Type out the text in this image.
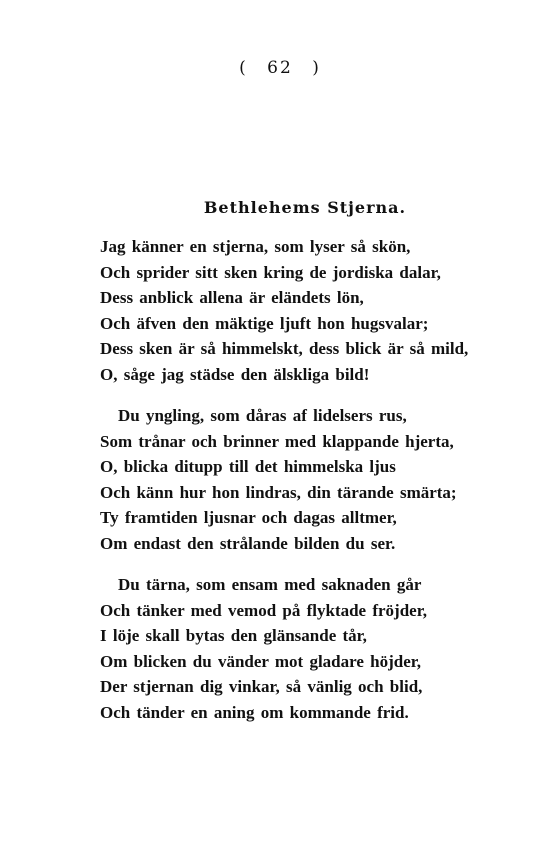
( 62 )
Bethlehems Stjerna.
Jag känner en stjerna, som lyser så skön,
Och sprider sitt sken kring de jordiska dalar,
Dess anblick allena är eländets lön,
Och äfven den mäktige ljuft hon hugsvalar;
Dess sken är så himmelskt, dess blick är så mild,
O, såge jag städse den älskliga bild!
Du yngling, som dåras af lidelsers rus,
Som trånar och brinner med klappande hjerta,
O, blicka ditupp till det himmelska ljus
Och känn hur hon lindras, din tärande smärta;
Ty framtiden ljusnar och dagas alltmer,
Om endast den strålande bilden du ser.
Du tärna, som ensam med saknaden går
Och tänker med vemod på flyktade fröjder,
I löje skall bytas den glänsande tår,
Om blicken du vänder mot gladare höjder,
Der stjernan dig vinkar, så vänlig och blid,
Och tänder en aning om kommande frid.
